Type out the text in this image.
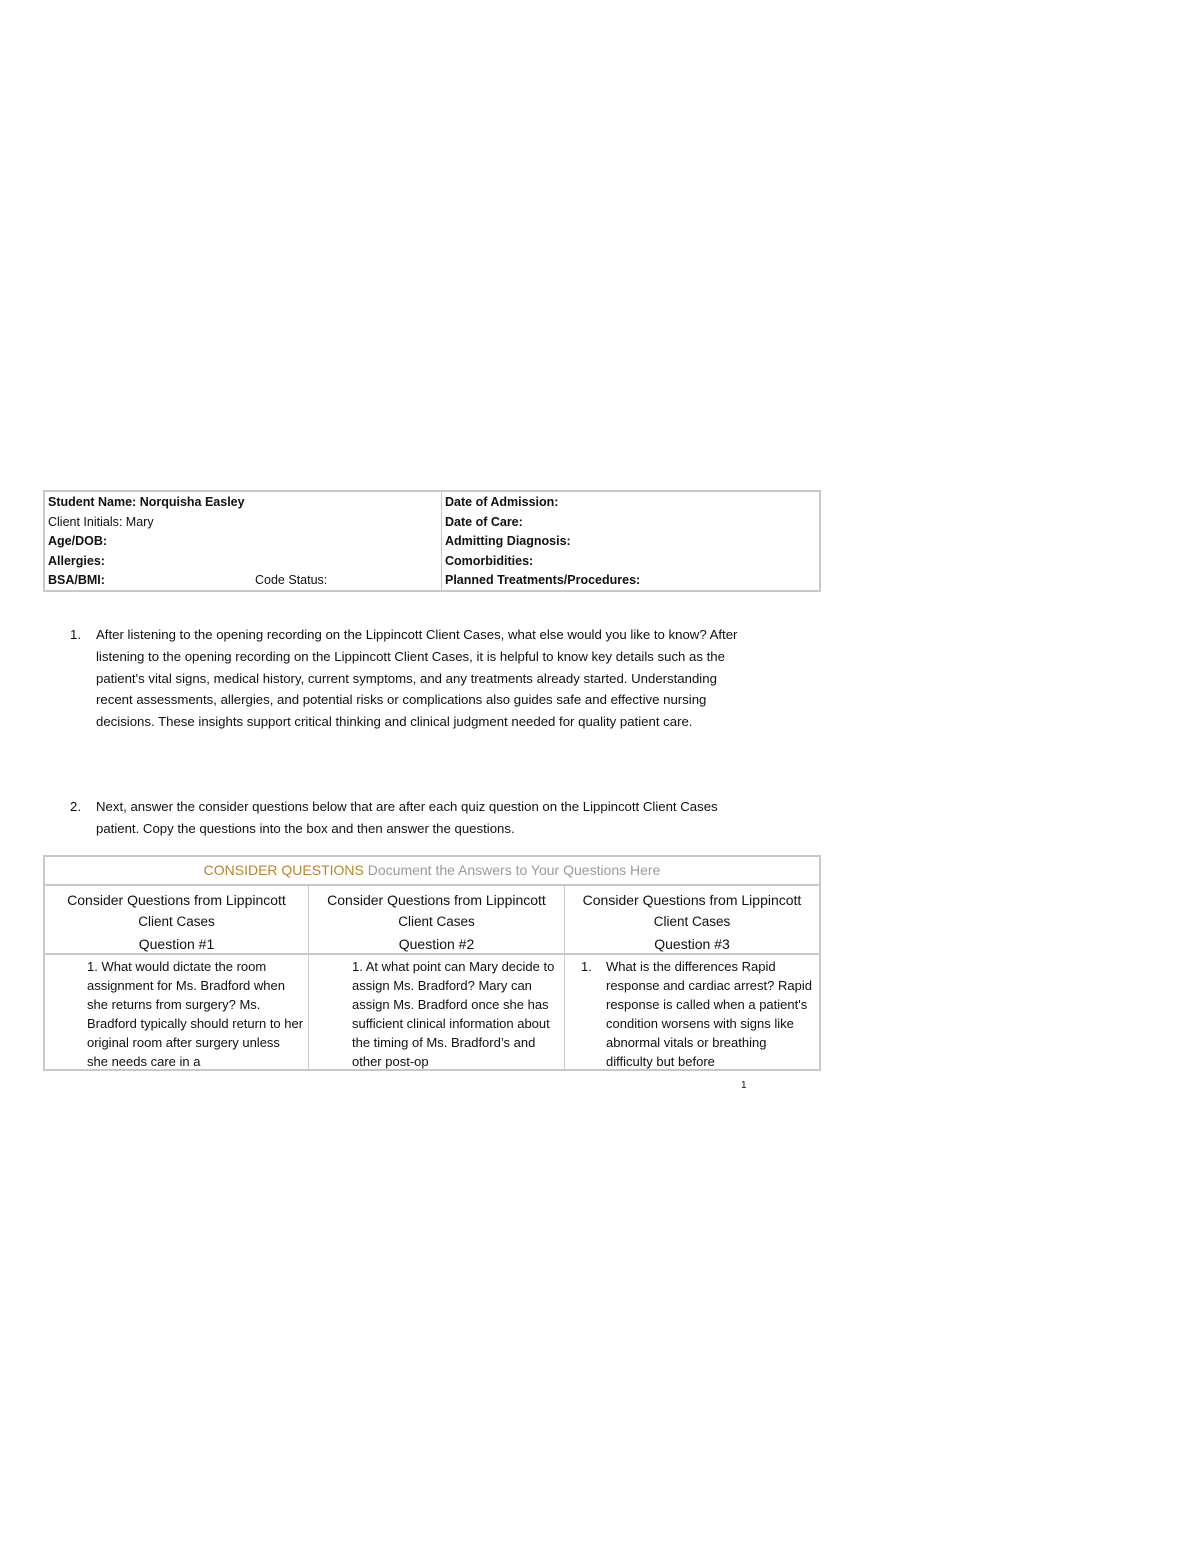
Student Name: Norquisha Easley
Client Initials: Mary
Age/DOB:
Allergies:
BSA/BMI:	Code Status:
Date of Admission:
Date of Care:
Admitting Diagnosis:
Comorbidities:
Planned Treatments/Procedures:
1. After listening to the opening recording on the Lippincott Client Cases, what else would you like to know? After listening to the opening recording on the Lippincott Client Cases, it is helpful to know key details such as the patient's vital signs, medical history, current symptoms, and any treatments already started. Understanding recent assessments, allergies, and potential risks or complications also guides safe and effective nursing decisions. These insights support critical thinking and clinical judgment needed for quality patient care.
2. Next, answer the consider questions below that are after each quiz question on the Lippincott Client Cases patient. Copy the questions into the box and then answer the questions.
CONSIDER QUESTIONS Document the Answers to Your Questions Here
Consider Questions from Lippincott
Client Cases
Question #1
1. What would dictate the room assignment for Ms. Bradford when she returns from surgery? Ms. Bradford typically should return to her original room after surgery unless she needs care in a
Consider Questions from Lippincott
Client Cases
Question #2
1. At what point can Mary decide to assign Ms. Bradford? Mary can assign Ms. Bradford once she has sufficient clinical information about the timing of Ms. Bradford’s and other post-op
Consider Questions from Lippincott
Client Cases
Question #3
1. What is the differences Rapid response and cardiac arrest? Rapid response is called when a patient's condition worsens with signs like abnormal vitals or breathing difficulty but before
1
